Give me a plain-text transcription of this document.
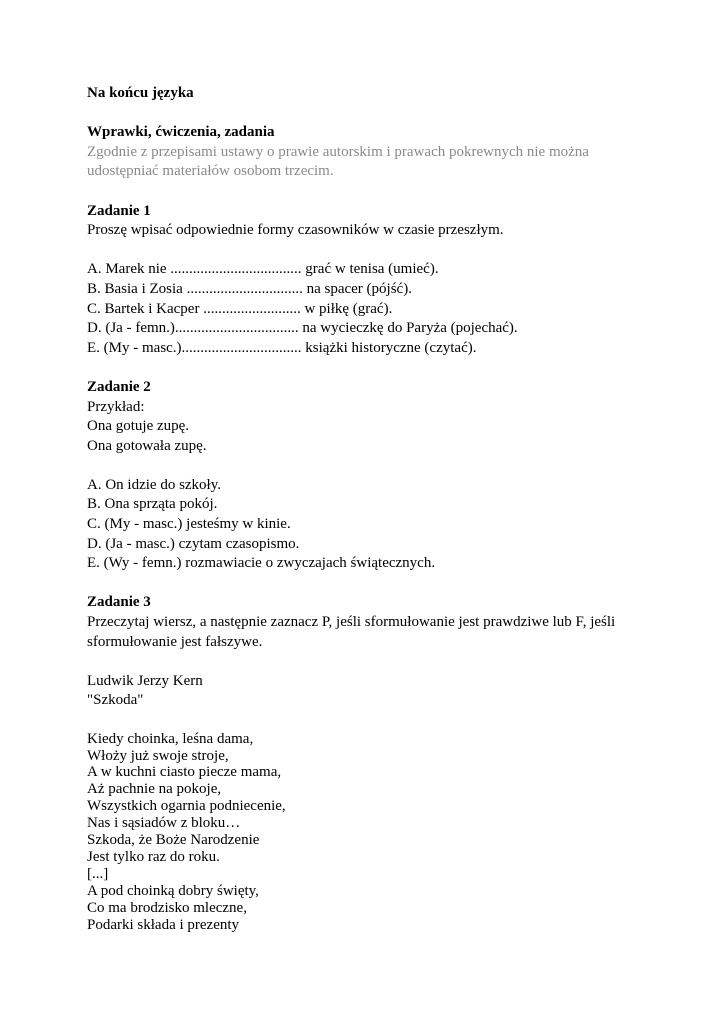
Na końcu języka
Wprawki, ćwiczenia, zadania
Zgodnie z przepisami ustawy o prawie autorskim i prawach pokrewnych nie można
udostępniać materiałów osobom trzecim.
Zadanie 1
Proszę wpisać odpowiednie formy czasowników w czasie przeszłym.
A. Marek nie ................................... grać w tenisa (umieć).
B. Basia i Zosia ............................... na spacer (pójść).
C. Bartek i Kacper .......................... w piłkę (grać).
D. (Ja - femn.)................................. na wycieczkę do Paryża (pojechać).
E. (My - masc.)................................ książki historyczne (czytać).
Zadanie 2
Przykład:
Ona gotuje zupę.
Ona gotowała zupę.
A. On idzie do szkoły.
B. Ona sprząta pokój.
C. (My - masc.) jesteśmy w kinie.
D. (Ja - masc.) czytam czasopismo.
E. (Wy - femn.) rozmawiacie o zwyczajach świątecznych.
Zadanie 3
Przeczytaj wiersz, a następnie zaznacz P, jeśli sformułowanie jest prawdziwe lub F, jeśli
sformułowanie jest fałszywe.
Ludwik Jerzy Kern
"Szkoda"
Kiedy choinka, leśna dama,
Włoży już swoje stroje,
A w kuchni ciasto piecze mama,
Aż pachnie na pokoje,
Wszystkich ogarnia podniecenie,
Nas i sąsiadów z bloku…
Szkoda, że Boże Narodzenie
Jest tylko raz do roku.
[...]
A pod choinką dobry święty,
Co ma brodzisko mleczne,
Podarki składa i prezenty
